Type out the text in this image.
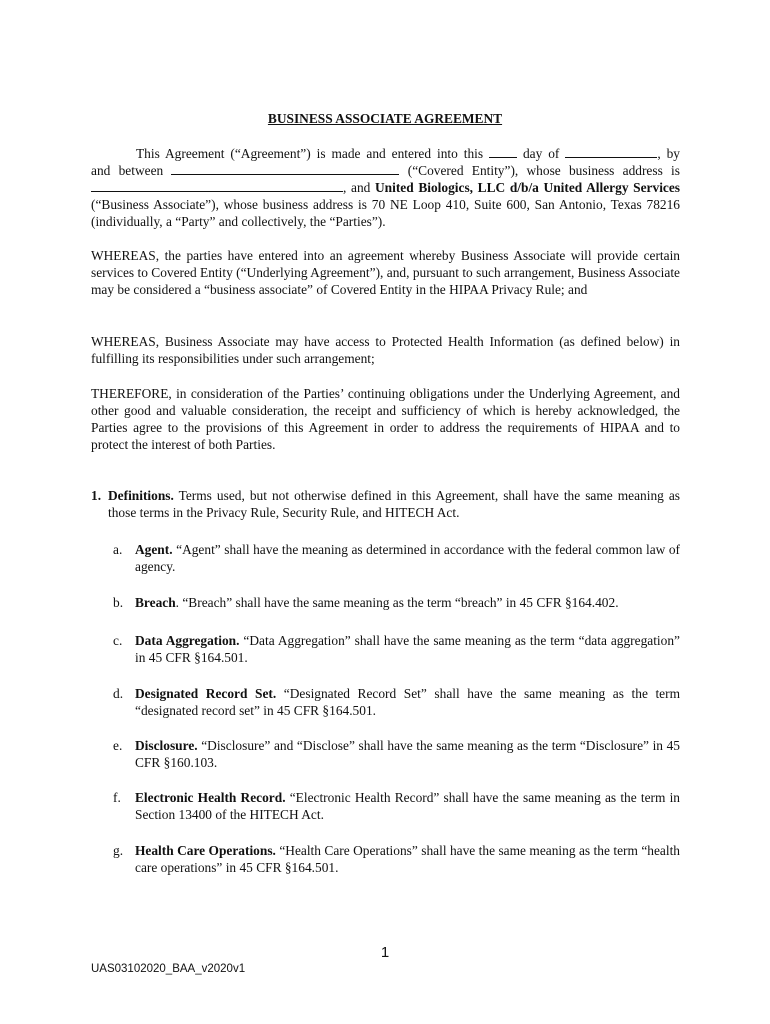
BUSINESS ASSOCIATE AGREEMENT

This Agreement (“Agreement”) is made and entered into this	day of	, by

and between	(“Covered Entity”), whose business address is

, and United Biologics, LLC d/b/a United Allergy Services

(“Business Associate”), whose business address is 70 NE Loop 410, Suite 600, San Antonio, Texas 78216 (individually, a “Party” and collectively, the “Parties”).

WHEREAS, the parties have entered into an agreement whereby Business Associate will provide certain services to Covered Entity (“Underlying Agreement”), and, pursuant to such arrangement, Business Associate may be considered a “business associate” of Covered Entity in the HIPAA Privacy Rule; and
WHEREAS, Business Associate may have access to Protected Health Information (as defined below) in fulfilling its responsibilities under such arrangement;
THEREFORE, in consideration of the Parties’ continuing obligations under the Underlying Agreement, and other good and valuable consideration, the receipt and sufficiency of which is hereby acknowledged, the Parties agree to the provisions of this Agreement in order to address the requirements of HIPAA and to protect the interest of both Parties.
1. Definitions. Terms used, but not otherwise defined in this Agreement, shall have the same meaning as those terms in the Privacy Rule, Security Rule, and HITECH Act.
a. Agent. “Agent” shall have the meaning as determined in accordance with the federal common law of agency.
b. Breach. “Breach” shall have the same meaning as the term “breach” in 45 CFR §164.402.
c. Data Aggregation. “Data Aggregation” shall have the same meaning as the term “data aggregation” in 45 CFR §164.501.
d. Designated Record Set. “Designated Record Set” shall have the same meaning as the term “designated record set” in 45 CFR §164.501.
e. Disclosure. “Disclosure” and “Disclose” shall have the same meaning as the term “Disclosure” in 45 CFR §160.103.
f. Electronic Health Record. “Electronic Health Record” shall have the same meaning as the term in Section 13400 of the HITECH Act.
g. Health Care Operations. “Health Care Operations” shall have the same meaning as the term “health care operations” in 45 CFR §164.501.
1
UAS03102020_BAA_v2020v1
